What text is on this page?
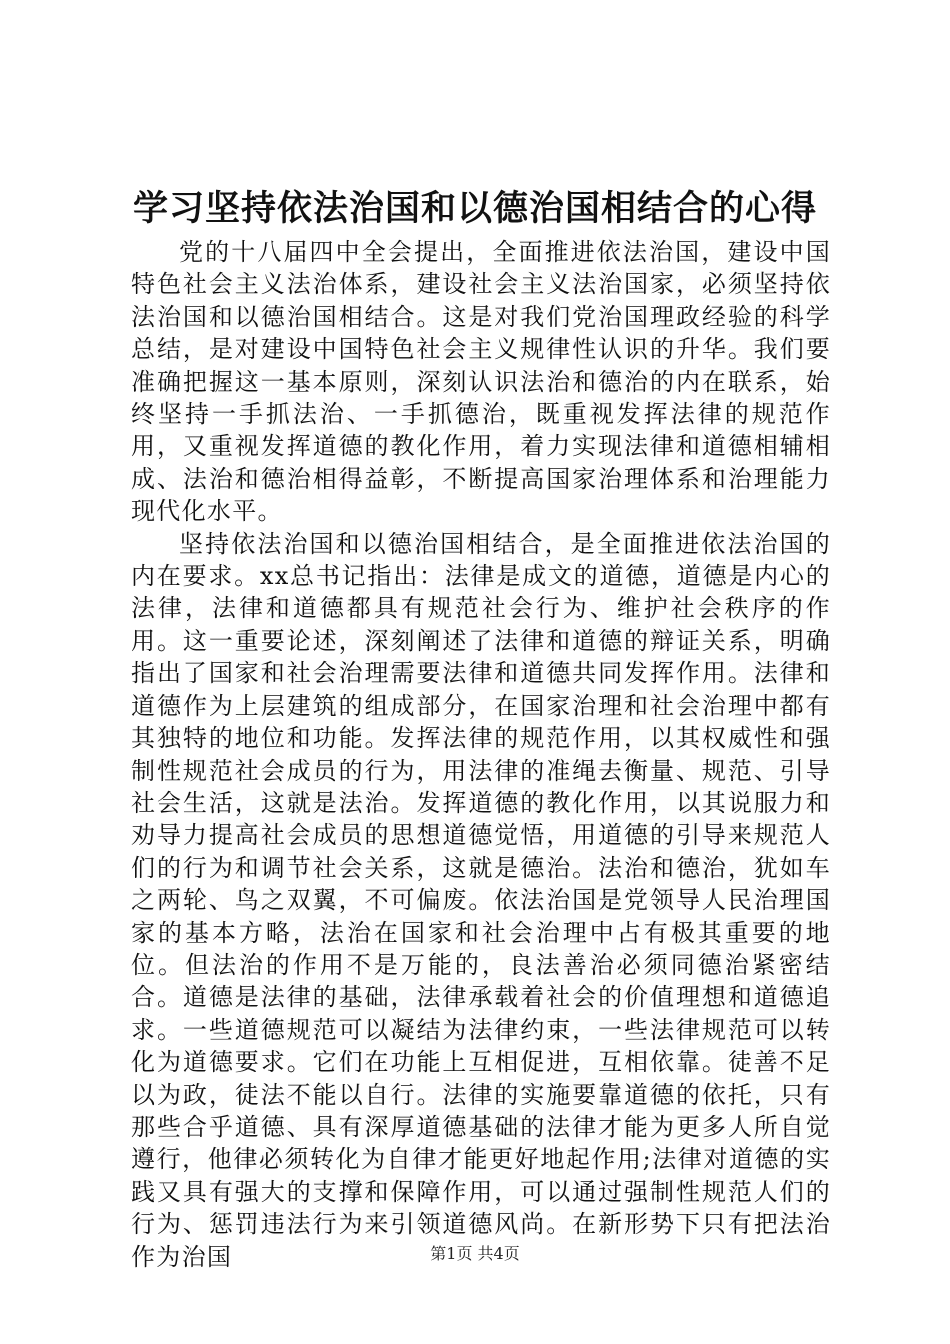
学习坚持依法治国和以德治国相结合的心得

党的十八届四中全会提出，全面推进依法治国，建设中国特色社会主义法治体系，建设社会主义法治国家，必须坚持依法治国和以德治国相结合。这是对我们党治国理政经验的科学总结，是对建设中国特色社会主义规律性认识的升华。我们要准确把握这一基本原则，深刻认识法治和德治的内在联系，始终坚持一手抓法治、一手抓德治，既重视发挥法律的规范作用，又重视发挥道德的教化作用，着力实现法律和道德相辅相成、法治和德治相得益彰，不断提高国家治理体系和治理能力现代化水平。

坚持依法治国和以德治国相结合，是全面推进依法治国的内在要求。xx总书记指出：法律是成文的道德，道德是内心的法律，法律和道德都具有规范社会行为、维护社会秩序的作用。这一重要论述，深刻阐述了法律和道德的辩证关系，明确指出了国家和社会治理需要法律和道德共同发挥作用。法律和道德作为上层建筑的组成部分，在国家治理和社会治理中都有其独特的地位和功能。发挥法律的规范作用，以其权威性和强制性规范社会成员的行为，用法律的准绳去衡量、规范、引导社会生活，这就是法治。发挥道德的教化作用，以其说服力和劝导力提高社会成员的思想道德觉悟，用道德的引导来规范人们的行为和调节社会关系，这就是德治。法治和德治，犹如车之两轮、鸟之双翼，不可偏废。依法治国是党领导人民治理国家的基本方略，法治在国家和社会治理中占有极其重要的地位。但法治的作用不是万能的，良法善治必须同德治紧密结合。道德是法律的基础，法律承载着社会的价值理想和道德追求。一些道德规范可以凝结为法律约束，一些法律规范可以转化为道德要求。它们在功能上互相促进，互相依靠。徒善不足以为政，徒法不能以自行。法律的实施要靠道德的依托，只有那些合乎道德、具有深厚道德基础的法律才能为更多人所自觉遵行，他律必须转化为自律才能更好地起作用;法律对道德的实践又具有强大的支撑和保障作用，可以通过强制性规范人们的行为、惩罚违法行为来引领道德风尚。在新形势下只有把法治作为治国	第1页 共4页
